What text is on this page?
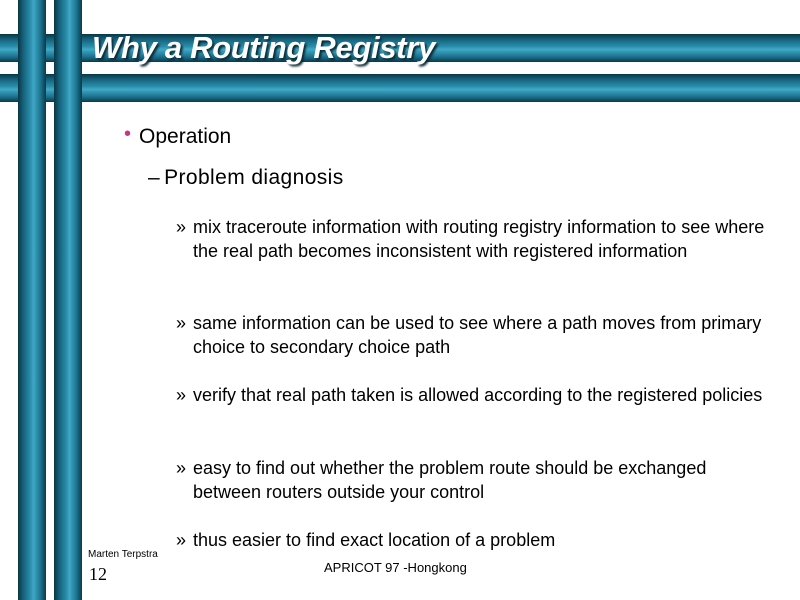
Why a Routing Registry
• Operation
– Problem diagnosis
» mix traceroute information with routing registry information to see where the real path becomes inconsistent with registered information
» same information can be used to see where a path moves from primary choice to secondary choice path
» verify that real path taken is allowed according to the registered policies
» easy to find out whether the problem route should be exchanged between routers outside your control
» thus easier to find exact location of a problem
Marten Terpstra
12	APRICOT 97 -Hongkong
